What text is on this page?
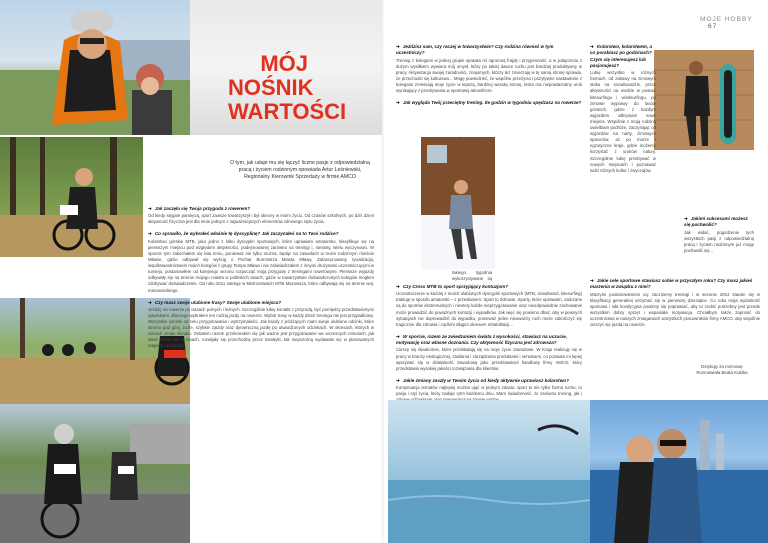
MÓJ
NOŚNIK
WARTOŚCI
O tym, jak udaje mu się łączyć liczne pasje z odpowiedzialną pracą i życiem rodzinnym opowiada Artur Leśniewski, Regionalny Kierownik Sprzedaży w firmie AMCO
➜ Jak zaczęła się Twoja przygoda z rowerem?

Od kiedy sięgam pamięcią, sport zawsze towarzyszył i był obecny w moim życiu. Od czasów szkolnych, po dziś dzień aktywność fizyczna jest dla mnie jednym z najważniejszych elementów zdrowego stylu życia.

➜ Co sprawiło, że wybrałeś właśnie tę dyscyplinę? Jak zaczynałeś na to Twoi rodzice?

Kolarstwo górskie MTB, jako jedno z kilku dyscyplin sportowych, które uprawiam amatorsko, klasyfikuje się na pierwszym miejscu pod względem aktywności, podejmowanej zarówno na treningi i, niestety, wielu wyczynowo. W sporcie tym zakochałem się lata temu, ponieważ nie tylko można, będąc na zawodach w moim rodzinnym mieście Mławie, gdzie odbywał się wyścig o Puchar Burmistrza Miasta Mławy. Zafascynowany rywalizacją, współzawodnictwem moich kolegów z grupy Tempo Mława i nie zaświadczałem z innymi drużynami uczestniczącymi w turnieju, postanowiłem od kolejnego sezonu rozpocząć moją przygodę z treningami rowerowymi. Pierwsze wyjazdy odbywały się na terenie mojego miasta w pobliskich lasach, gdzie w towarzystwie doświadczonych kolegów mogłem zdobywać doświadczenie. Od roku 2011 startuję w Mistrzostwach MTB Mazowsza, które odbywają się na terenie woj. mazowieckiego.

➜ Czy masz swoje ulubione trasy? Swoje ulubione miejsca?

Jeżdżę na rowerze po trasach polnych i leśnych. Szczególnie lubię kontakt z przyrodą, być pomiędzy przedstawionymi zjawiskami, dlaczego wybrałem ten rodzaj jazdy na rowerze. Wybór trasy w każdy dzień treningu nie jest przypadkowy. Wszystkie odcinki od celu przygotowania i wytrzymałości. Jak każdy z jeżdżących mam swoje ulubione odcinki, które stromo pod góry, żużle, szybkie zjazdy oraz dynamiczną jazdę po utwardzonych odcinkach. W okresach, których w ramach zmian klimatu. Ostatnim razem przekonałem się jak ważne jest przygotowanie we wczesnych minutach, jak wiele zmian się w lasach, rozwijały się przechodzą przez kanałyki, tak niepozorną wydawało się w planowanych etapach przejazdu...

MOJE HOBBY 67
➜ Jeździsz sam, czy raczej w towarzystwie? Czy rodzina również w tym uczestniczy?

Trening z kolegami w jednej grupie sprawia mi ogromną frajdę i przyjemność, a w połączeniu z dużym wysiłkiem wywiera mój umysł, który po takiej dawce ruchu jest bardziej produktywny w pracy. Aktywizacja swojej zaradności, znajomych, którzy też zmierzają w tę samą stronę sprawia, że przechodzi się kulturowo... Mogę powiedzieć, że wspólne przeżycia i pozytywne nastawienie z kolegami zmieniają moje życie w lepszą, bardziej wesołą stronę, która ma niepowtarzalny urok wynikający z przebywania w sportowej atmosferze.

➜ Jak wygląda Twój przeciętny trening. Ile godzin w tygodniu spędzasz na rowerze?

takiego tygodnia wykorzystywane są

➜ Czy Cross MTB to sport sprzyjający kontuzjom?

Uczestniczenie w każdej z moich ulubionych dyscyplin sportowych (MTB, snowboard, kitesurfing) traktuję w sposób amatorski – z przesłaniem: Sport to Zdrowie. Sporty, które uprawiam, zaliczane są do sportów ekstremalnych i niestety każde nieprzygotowanie oraz nieodpowiednie zachowanie może prowadzić do poważnych kontuzji i wypadków. Jak więc się powinno dbać, aby w pewnych sytuacjach nie doprowadzić do wypadku, ponieważ jeden nieuważny ruch może zakończyć się tragicznie dla zdrowia i ciężkim długim okresem rehabilitacji...

➜ W sporcie, razem ze zwiedzaniem świata z wysokości, stawiasz na uczucie, motywację oraz własne doznania. Czy aktywność fizyczna jest zdrowsza?

Cieszę się dwukrotnie, które przekładają się na moje życie zawodowe. W Kraju realizuję się w pracy w branży ekologicznej, zasilania i zarządzania produktami i serwisami, co pozwala mi lepiej wpisywać się w działalność zawodową jako przedstawiciel handlowy firmy AMCO, który przedstawia wysokiej jakości rozwiązania dla klientów.

➜ Jakie zmiany zaszły w Twoim życiu od kiedy aktywnie uprawiasz kolarstwo?

Kontynuacja tematów najlepiej można ująć w jednym zdaniu: sport to nie tylko forma ruchu, to pasja i styl życia, który nadaje rytm każdemu dniu. Mam świadomość, że zarówno trening, jak i

➜ Kolarstwo, kolarstwem, a co porabiasz po godzinach? Czym się interesujesz lub pasjonujesz?

Lubię wszystko w różnych formach, od zabawy na zimowym stoku na snowboardzie, przez aktywności na wodzie w postaci kitesurfingu i windsurfingu, po zimowe wyprawy do lasów górskich, gdzie z każdym wyjazdem odkrywam nowe miejsca. Wspólnie z moją rodziną uwielbiam podróże, zaczynając od wyjazdów na narty, zimowych spacerów, aż po morze i egzotyczne kraje, gdzie możemy korzystać z uroków natury. Szczególnie lubię przebywać w nowych miejscach i poznawać ludzi różnych kultur i zwyczajów.

➜ Jakimi sukcesami możesz się pochwalić?

Jak widać, pogodzenie tych wszystkich pasji z odpowiedzialną pracą i życiem rodzinnym już mogę pochwalić się...

➜ Jakie cele sportowe stawiasz sobie w przyszłym roku? Czy masz jakieś marzenia w związku z nimi?

Marzymi postanowieniem są: zaczniemy treningi i w sezonie 2014 staram się w klasyfikacji generalnej utrzymać się w pierwszej dziesiątce. Co roku moja wydolność sportowa i siła kondycyjna powinny się poprawiać, aby to zrobić potrzebny jest przede wszystkim dobry sprzęt i wspaniała motywacja. Chciałbym także zaprosić do uczestnictwa w naszych zmaganiach wszystkich pracowników firmy AMCO, aby wspólnie cieszyć się jazdą na rowerze.

Dziękuję za rozmowę
Rozmawiała Beata Kubika
